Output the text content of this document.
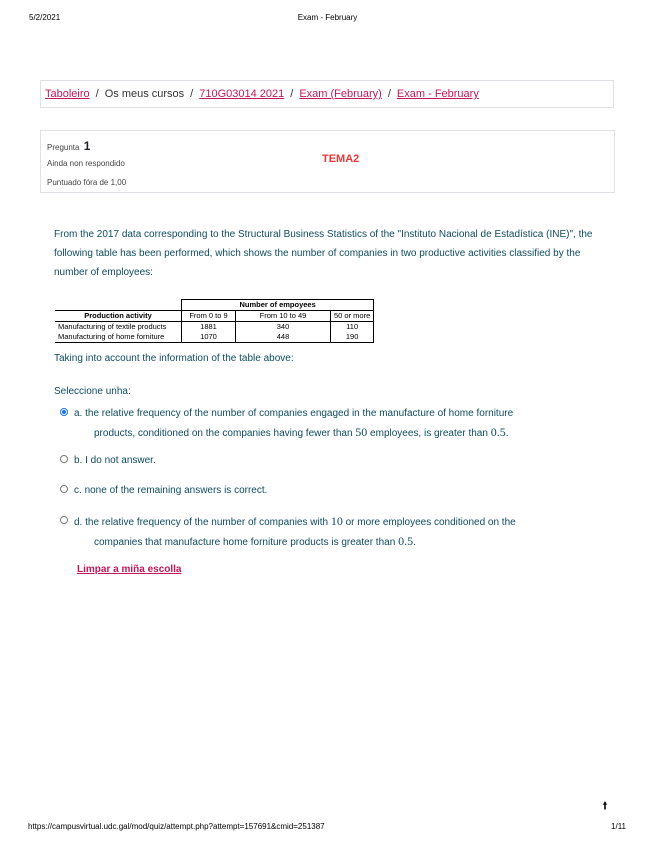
5/2/2021	Exam - February
Taboleiro / Os meus cursos / 710G03014 2021 / Exam (February) / Exam - February
Pregunta 1
Ainda non respondido
Puntuado fóra de 1,00
TEMA2
From the 2017 data corresponding to the Structural Business Statistics of the "Instituto Nacional de Estadística (INE)", the following table has been performed, which shows the number of companies in two productive activities classified by the number of employees:
	Number of empoyees			
Production activity	From 0 to 9	From 10 to 49	50 or more	
Manufacturing of textile products	1881	340	110	
Manufacturing of home forniture	1070	448	190	
Taking into account the information of the table above:
Seleccione unha:
a. the relative frequency of the number of companies engaged in the manufacture of home forniture
products, conditioned on the companies having fewer than 50 employees, is greater than 0.5.
b. I do not answer.
c. none of the remaining answers is correct.
d. the relative frequency of the number of companies with 10 or more employees conditioned on the
companies that manufacture home forniture products is greater than 0.5.
Limpar a miña escolla
🠙
https://campusvirtual.udc.gal/mod/quiz/attempt.php?attempt=157691&cmid=251387	1/11
